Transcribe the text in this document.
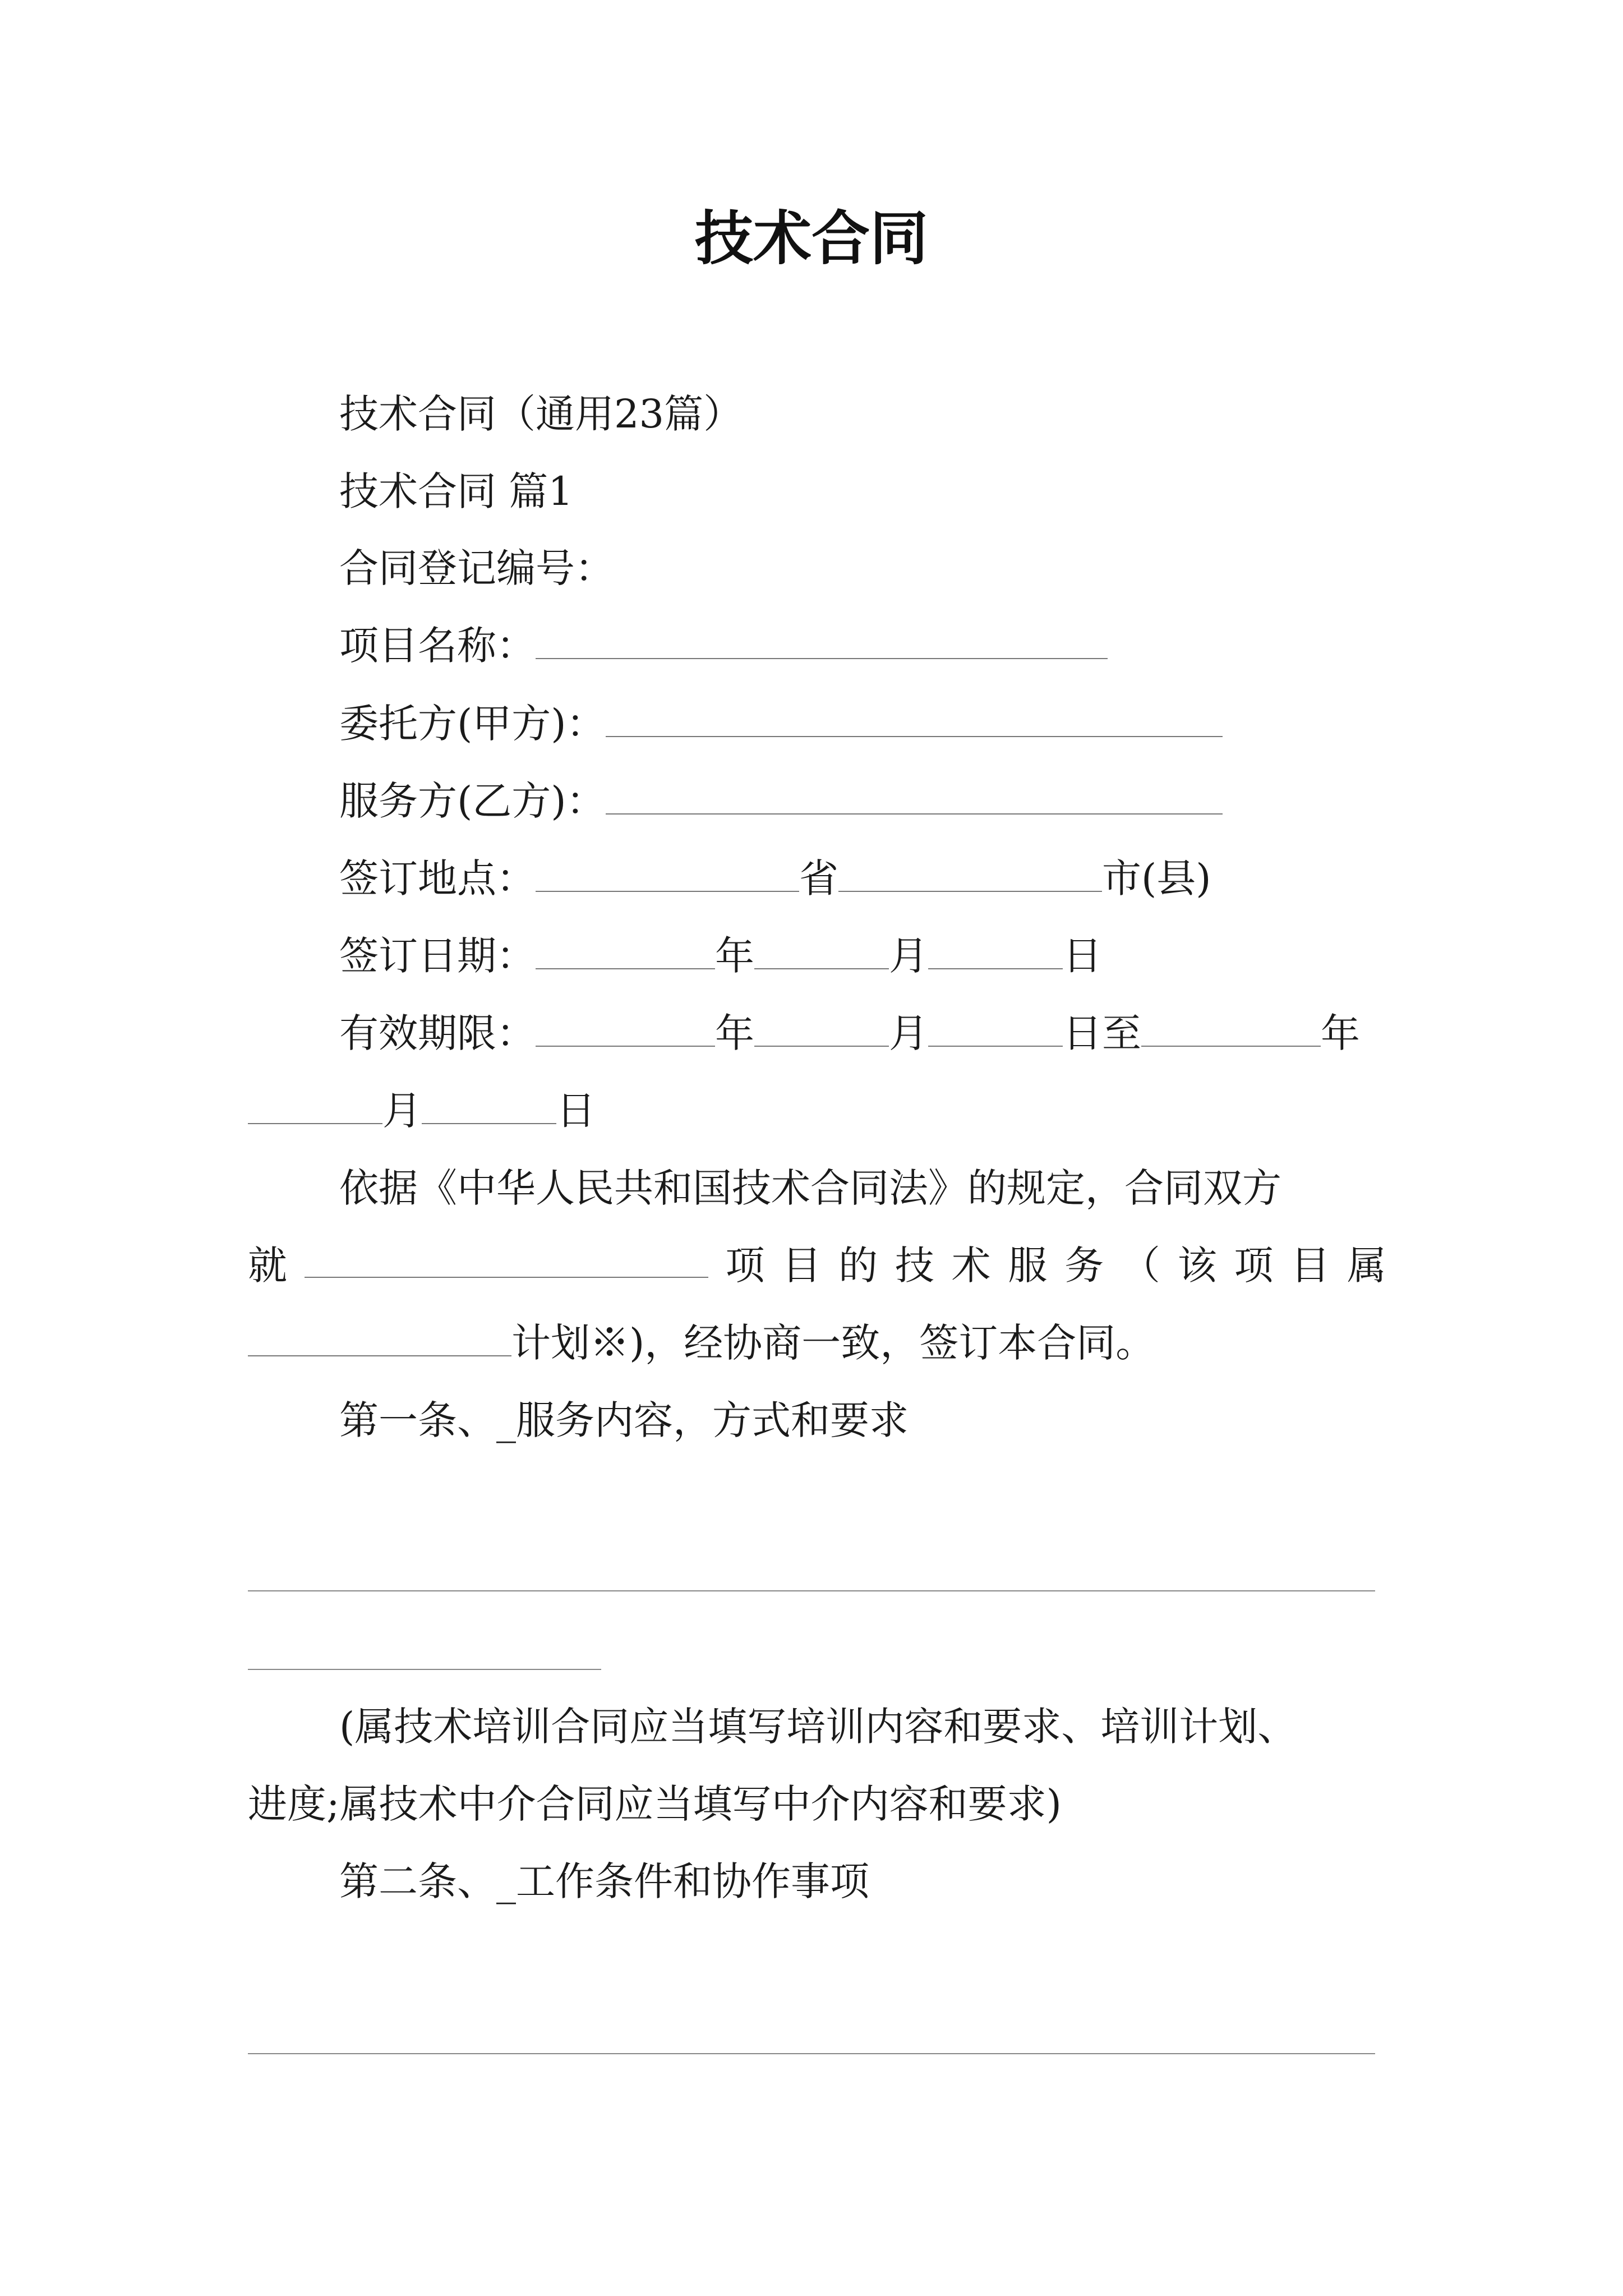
技术合同
技术合同（通用23篇）
技术合同 篇1
合同登记编号：
项目名称：
委托方(甲方)：
服务方(乙方)：
签订地点：	省	市(县)
签订日期：	年	月	日
有效期限：	年	月	日至	年
月	日
依据《中华人民共和国技术合同法》的规定，合同双方
就	项 目 的 技 术 服 务 （ 该 项 目 属
计划※)，经协商一致，签订本合同。
第一条、_服务内容，方式和要求
(属技术培训合同应当填写培训内容和要求、培训计划、
进度;属技术中介合同应当填写中介内容和要求)
第二条、_工作条件和协作事项
